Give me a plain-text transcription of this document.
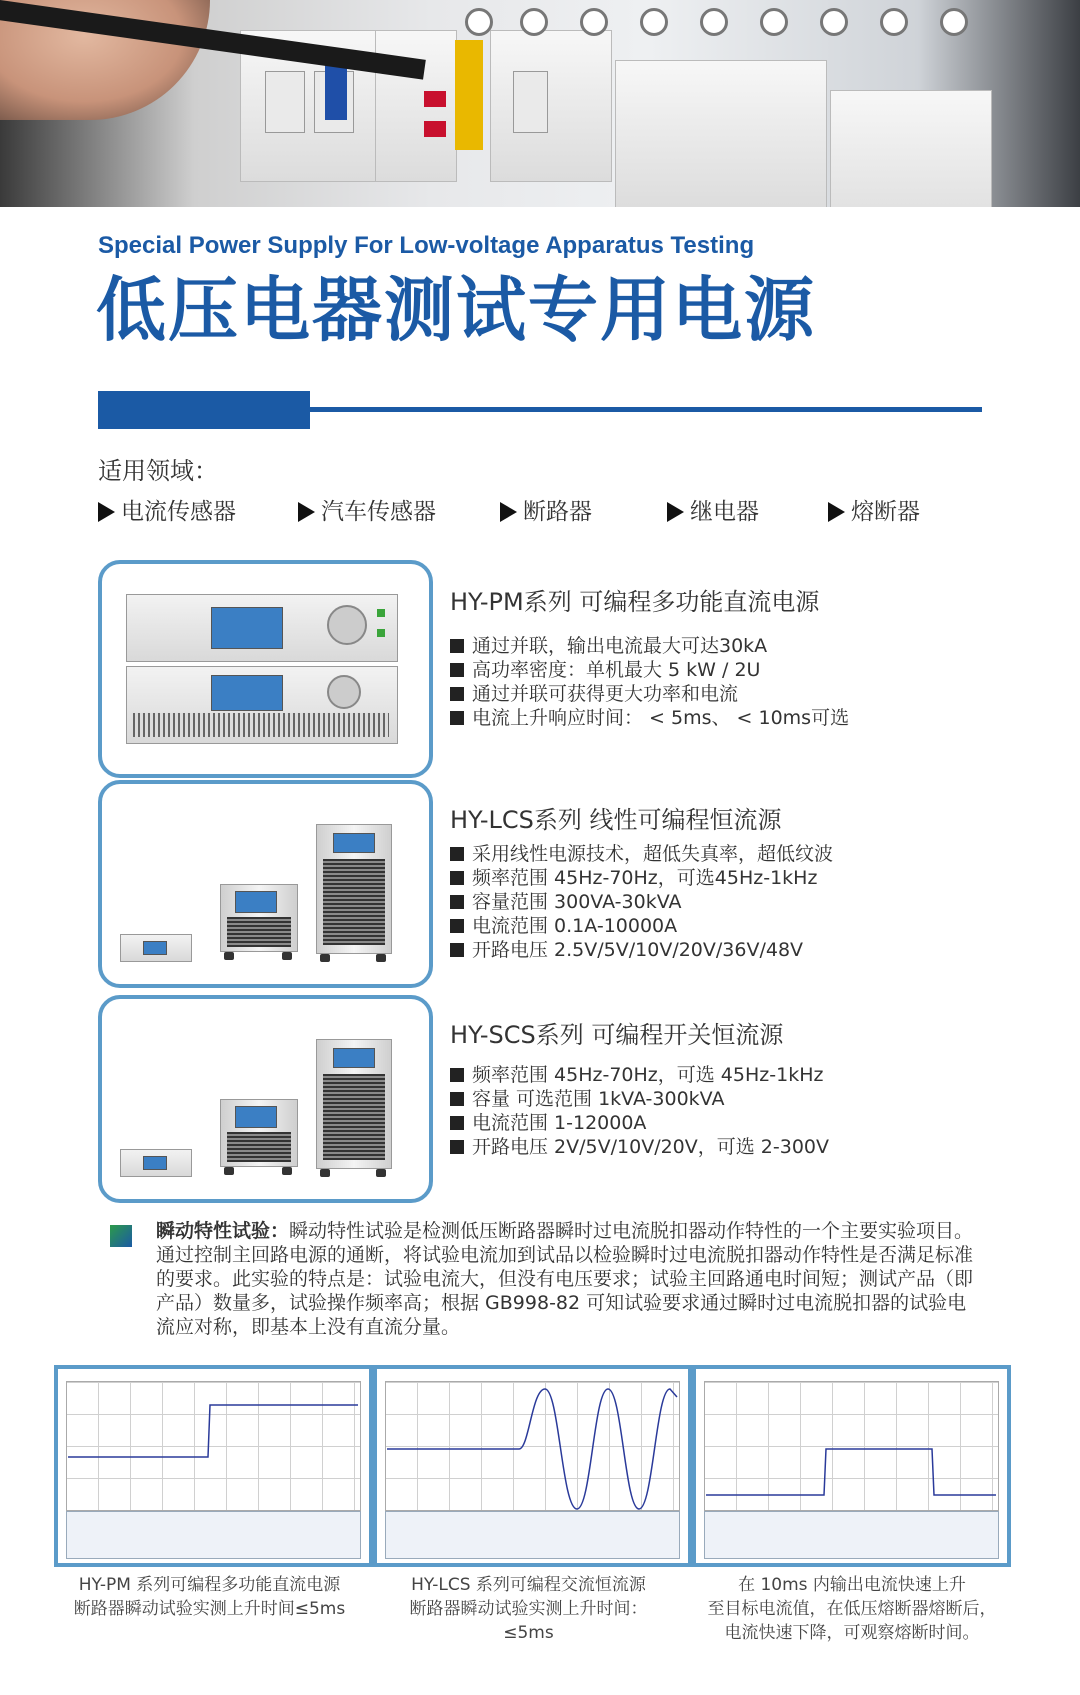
Special Power Supply For Low-voltage Apparatus Testing
低压电器测试专用电源
适用领域：
电流传感器	汽车传感器	断路器	继电器	熔断器
HY-PM系列 可编程多功能直流电源
通过并联，输出电流最大可达30kA
高功率密度：单机最大 5 kW / 2U
通过并联可获得更大功率和电流
电流上升响应时间： < 5ms、 < 10ms可选
HY-LCS系列 线性可编程恒流源
采用线性电源技术，超低失真率，超低纹波
频率范围 45Hz-70Hz，可选45Hz-1kHz
容量范围 300VA-30kVA
电流范围 0.1A-10000A
开路电压 2.5V/5V/10V/20V/36V/48V
HY-SCS系列 可编程开关恒流源
频率范围 45Hz-70Hz，可选 45Hz-1kHz
容量 可选范围 1kVA-300kVA
电流范围 1-12000A
开路电压 2V/5V/10V/20V，可选 2-300V

瞬动特性试验：瞬动特性试验是检测低压断路器瞬时过电流脱扣器动作特性的一个主要实验项目。通过控制主回路电源的通断，将试验电流加到试品以检验瞬时过电流脱扣器动作特性是否满足标准的要求。此实验的特点是：试验电流大，但没有电压要求；试验主回路通电时间短；测试产品（即产品）数量多，试验操作频率高；根据 GB998-82 可知试验要求通过瞬时过电流脱扣器的试验电流应对称，即基本上没有直流分量。

HY-PM 系列可编程多功能直流电源
断路器瞬动试验实测上升时间≤5ms
HY-LCS 系列可编程交流恒流源
断路器瞬动试验实测上升时间：
≤5ms
在 10ms 内输出电流快速上升
至目标电流值，在低压熔断器熔断后，
电流快速下降，可观察熔断时间。
